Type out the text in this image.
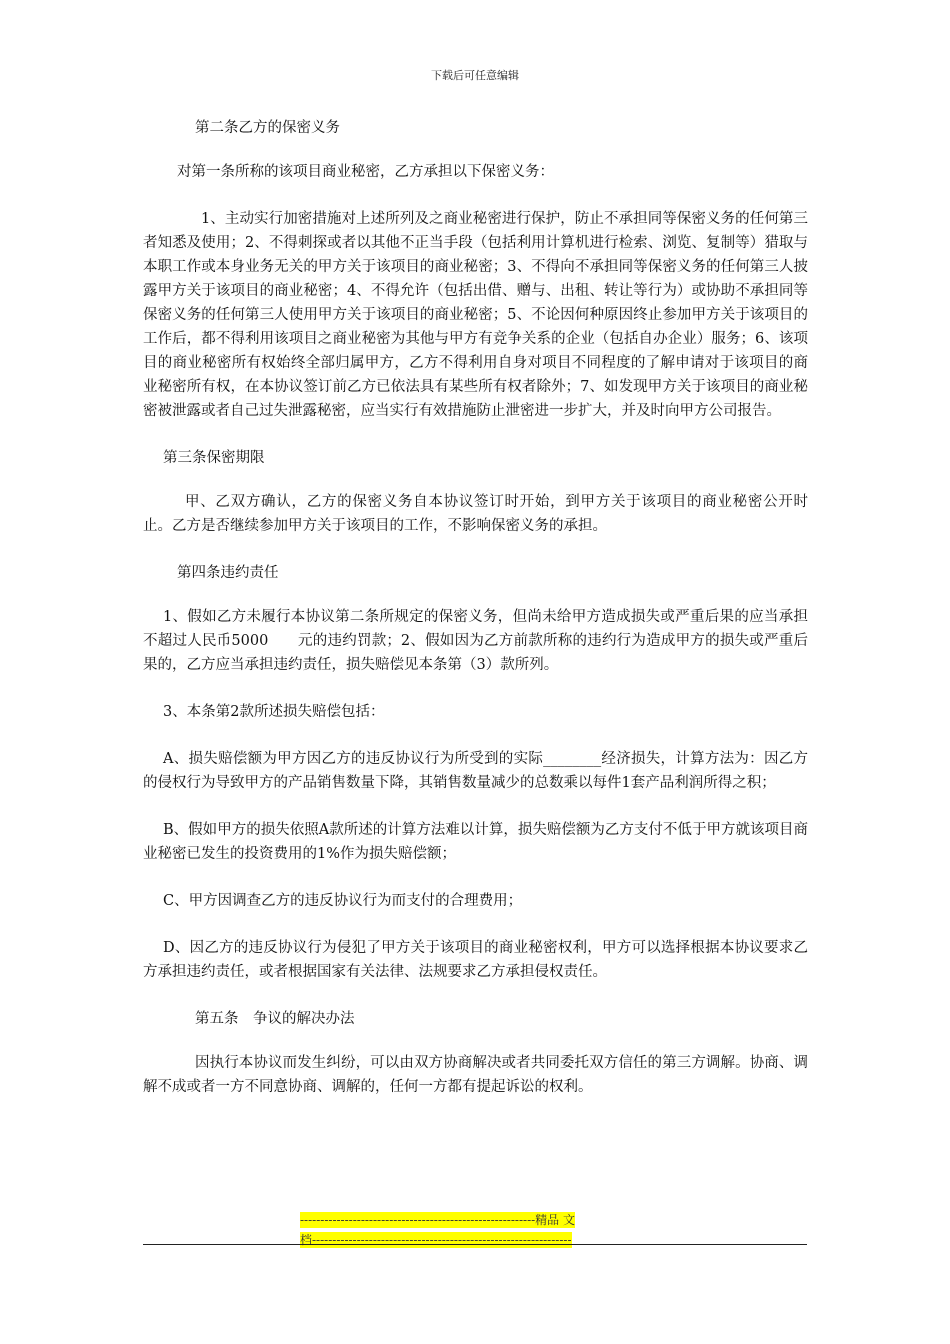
下载后可任意编辑

第二条乙方的保密义务

对第一条所称的该项目商业秘密，乙方承担以下保密义务：

1、主动实行加密措施对上述所列及之商业秘密进行保护，防止不承担同等保密义务的任何第三者知悉及使用；2、不得刺探或者以其他不正当手段（包括利用计算机进行检索、浏览、复制等）猎取与本职工作或本身业务无关的甲方关于该项目的商业秘密；3、不得向不承担同等保密义务的任何第三人披露甲方关于该项目的商业秘密；4、不得允许（包括出借、赠与、出租、转让等行为）或协助不承担同等保密义务的任何第三人使用甲方关于该项目的商业秘密；5、不论因何种原因终止参加甲方关于该项目的工作后，都不得利用该项目之商业秘密为其他与甲方有竞争关系的企业（包括自办企业）服务；6、该项目的商业秘密所有权始终全部归属甲方，乙方不得利用自身对项目不同程度的了解申请对于该项目的商业秘密所有权，在本协议签订前乙方已依法具有某些所有权者除外；7、如发现甲方关于该项目的商业秘密被泄露或者自己过失泄露秘密，应当实行有效措施防止泄密进一步扩大，并及时向甲方公司报告。

第三条保密期限

甲、乙双方确认，乙方的保密义务自本协议签订时开始，到甲方关于该项目的商业秘密公开时止。乙方是否继续参加甲方关于该项目的工作，不影响保密义务的承担。

第四条违约责任

1、假如乙方未履行本协议第二条所规定的保密义务，但尚未给甲方造成损失或严重后果的应当承担不超过人民币5000　　元的违约罚款；2、假如因为乙方前款所称的违约行为造成甲方的损失或严重后果的，乙方应当承担违约责任，损失赔偿见本条第（3）款所列。

3、本条第2款所述损失赔偿包括：

A、损失赔偿额为甲方因乙方的违反协议行为所受到的实际________经济损失，计算方法为：因乙方的侵权行为导致甲方的产品销售数量下降，其销售数量减少的总数乘以每件1套产品利润所得之积；

B、假如甲方的损失依照A款所述的计算方法难以计算，损失赔偿额为乙方支付不低于甲方就该项目商业秘密已发生的投资费用的1%作为损失赔偿额；

C、甲方因调查乙方的违反协议行为而支付的合理费用；

D、因乙方的违反协议行为侵犯了甲方关于该项目的商业秘密权利，甲方可以选择根据本协议要求乙方承担违约责任，或者根据国家有关法律、法规要求乙方承担侵权责任。

第五条　争议的解决办法

因执行本协议而发生纠纷，可以由双方协商解决或者共同委托双方信任的第三方调解。协商、调解不成或者一方不同意协商、调解的，任何一方都有提起诉讼的权利。

----------------------------------------------------------精品 文
档----------------------------------------------------------------
